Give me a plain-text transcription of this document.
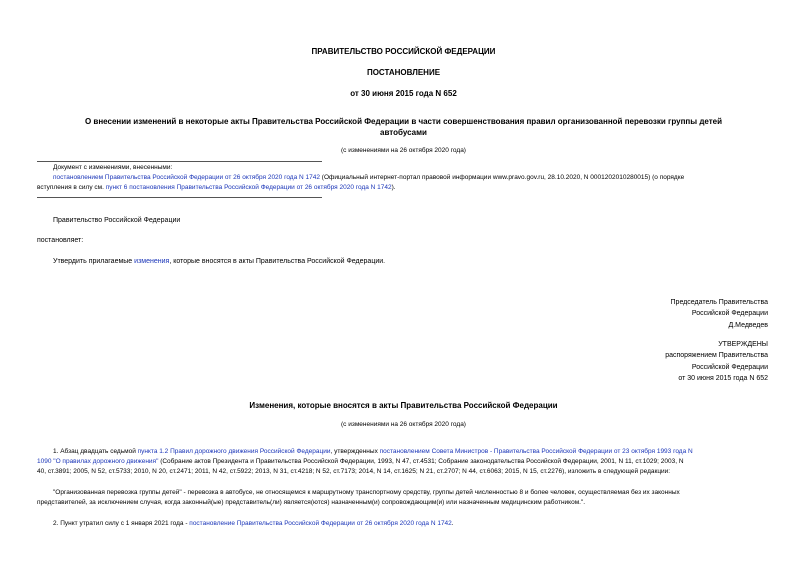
ПРАВИТЕЛЬСТВО РОССИЙСКОЙ ФЕДЕРАЦИИ
ПОСТАНОВЛЕНИЕ
от 30 июня 2015 года N 652
О внесении изменений в некоторые акты Правительства Российской Федерации в части совершенствования правил организованной перевозки группы детей
автобусами
(с изменениями на 26 октября 2020 года)
Документ с изменениями, внесенными:
постановлением Правительства Российской Федерации от 26 октября 2020 года N 1742 (Официальный интернет-портал правовой информации www.pravo.gov.ru, 28.10.2020, N 0001202010280015) (о порядке
вступления в силу см. пункт 6 постановления Правительства Российской Федерации от 26 октября 2020 года N 1742).
Правительство Российской Федерации
постановляет:
Утвердить прилагаемые изменения, которые вносятся в акты Правительства Российской Федерации.
Председатель Правительства
Российской Федерации
Д.Медведев
УТВЕРЖДЕНЫ
распоряжением Правительства
Российской Федерации
от 30 июня 2015 года N 652
Изменения, которые вносятся в акты Правительства Российской Федерации
(с изменениями на 26 октября 2020 года)
1. Абзац двадцать седьмой пункта 1.2 Правил дорожного движения Российской Федерации, утвержденных постановлением Совета Министров - Правительства Российской Федерации от 23 октября 1993 года N
1090 "О правилах дорожного движения" (Собрание актов Президента и Правительства Российской Федерации, 1993, N 47, ст.4531; Собрание законодательства Российской Федерации, 2001, N 11, ст.1029; 2003, N
40, ст.3891; 2005, N 52, ст.5733; 2010, N 20, ст.2471; 2011, N 42, ст.5922; 2013, N 31, ст.4218; N 52, ст.7173; 2014, N 14, ст.1625; N 21, ст.2707; N 44, ст.6063; 2015, N 15, ст.2276), изложить в следующей редакции:
"Организованная перевозка группы детей" - перевозка в автобусе, не относящемся к маршрутному транспортному средству, группы детей численностью 8 и более человек, осуществляемая без их законных
представителей, за исключением случая, когда законный(ые) представитель(ли) является(ются) назначенным(и) сопровождающим(и) или назначенным медицинским работником.".
2. Пункт утратил силу с 1 января 2021 года - постановление Правительства Российской Федерации от 26 октября 2020 года N 1742.
